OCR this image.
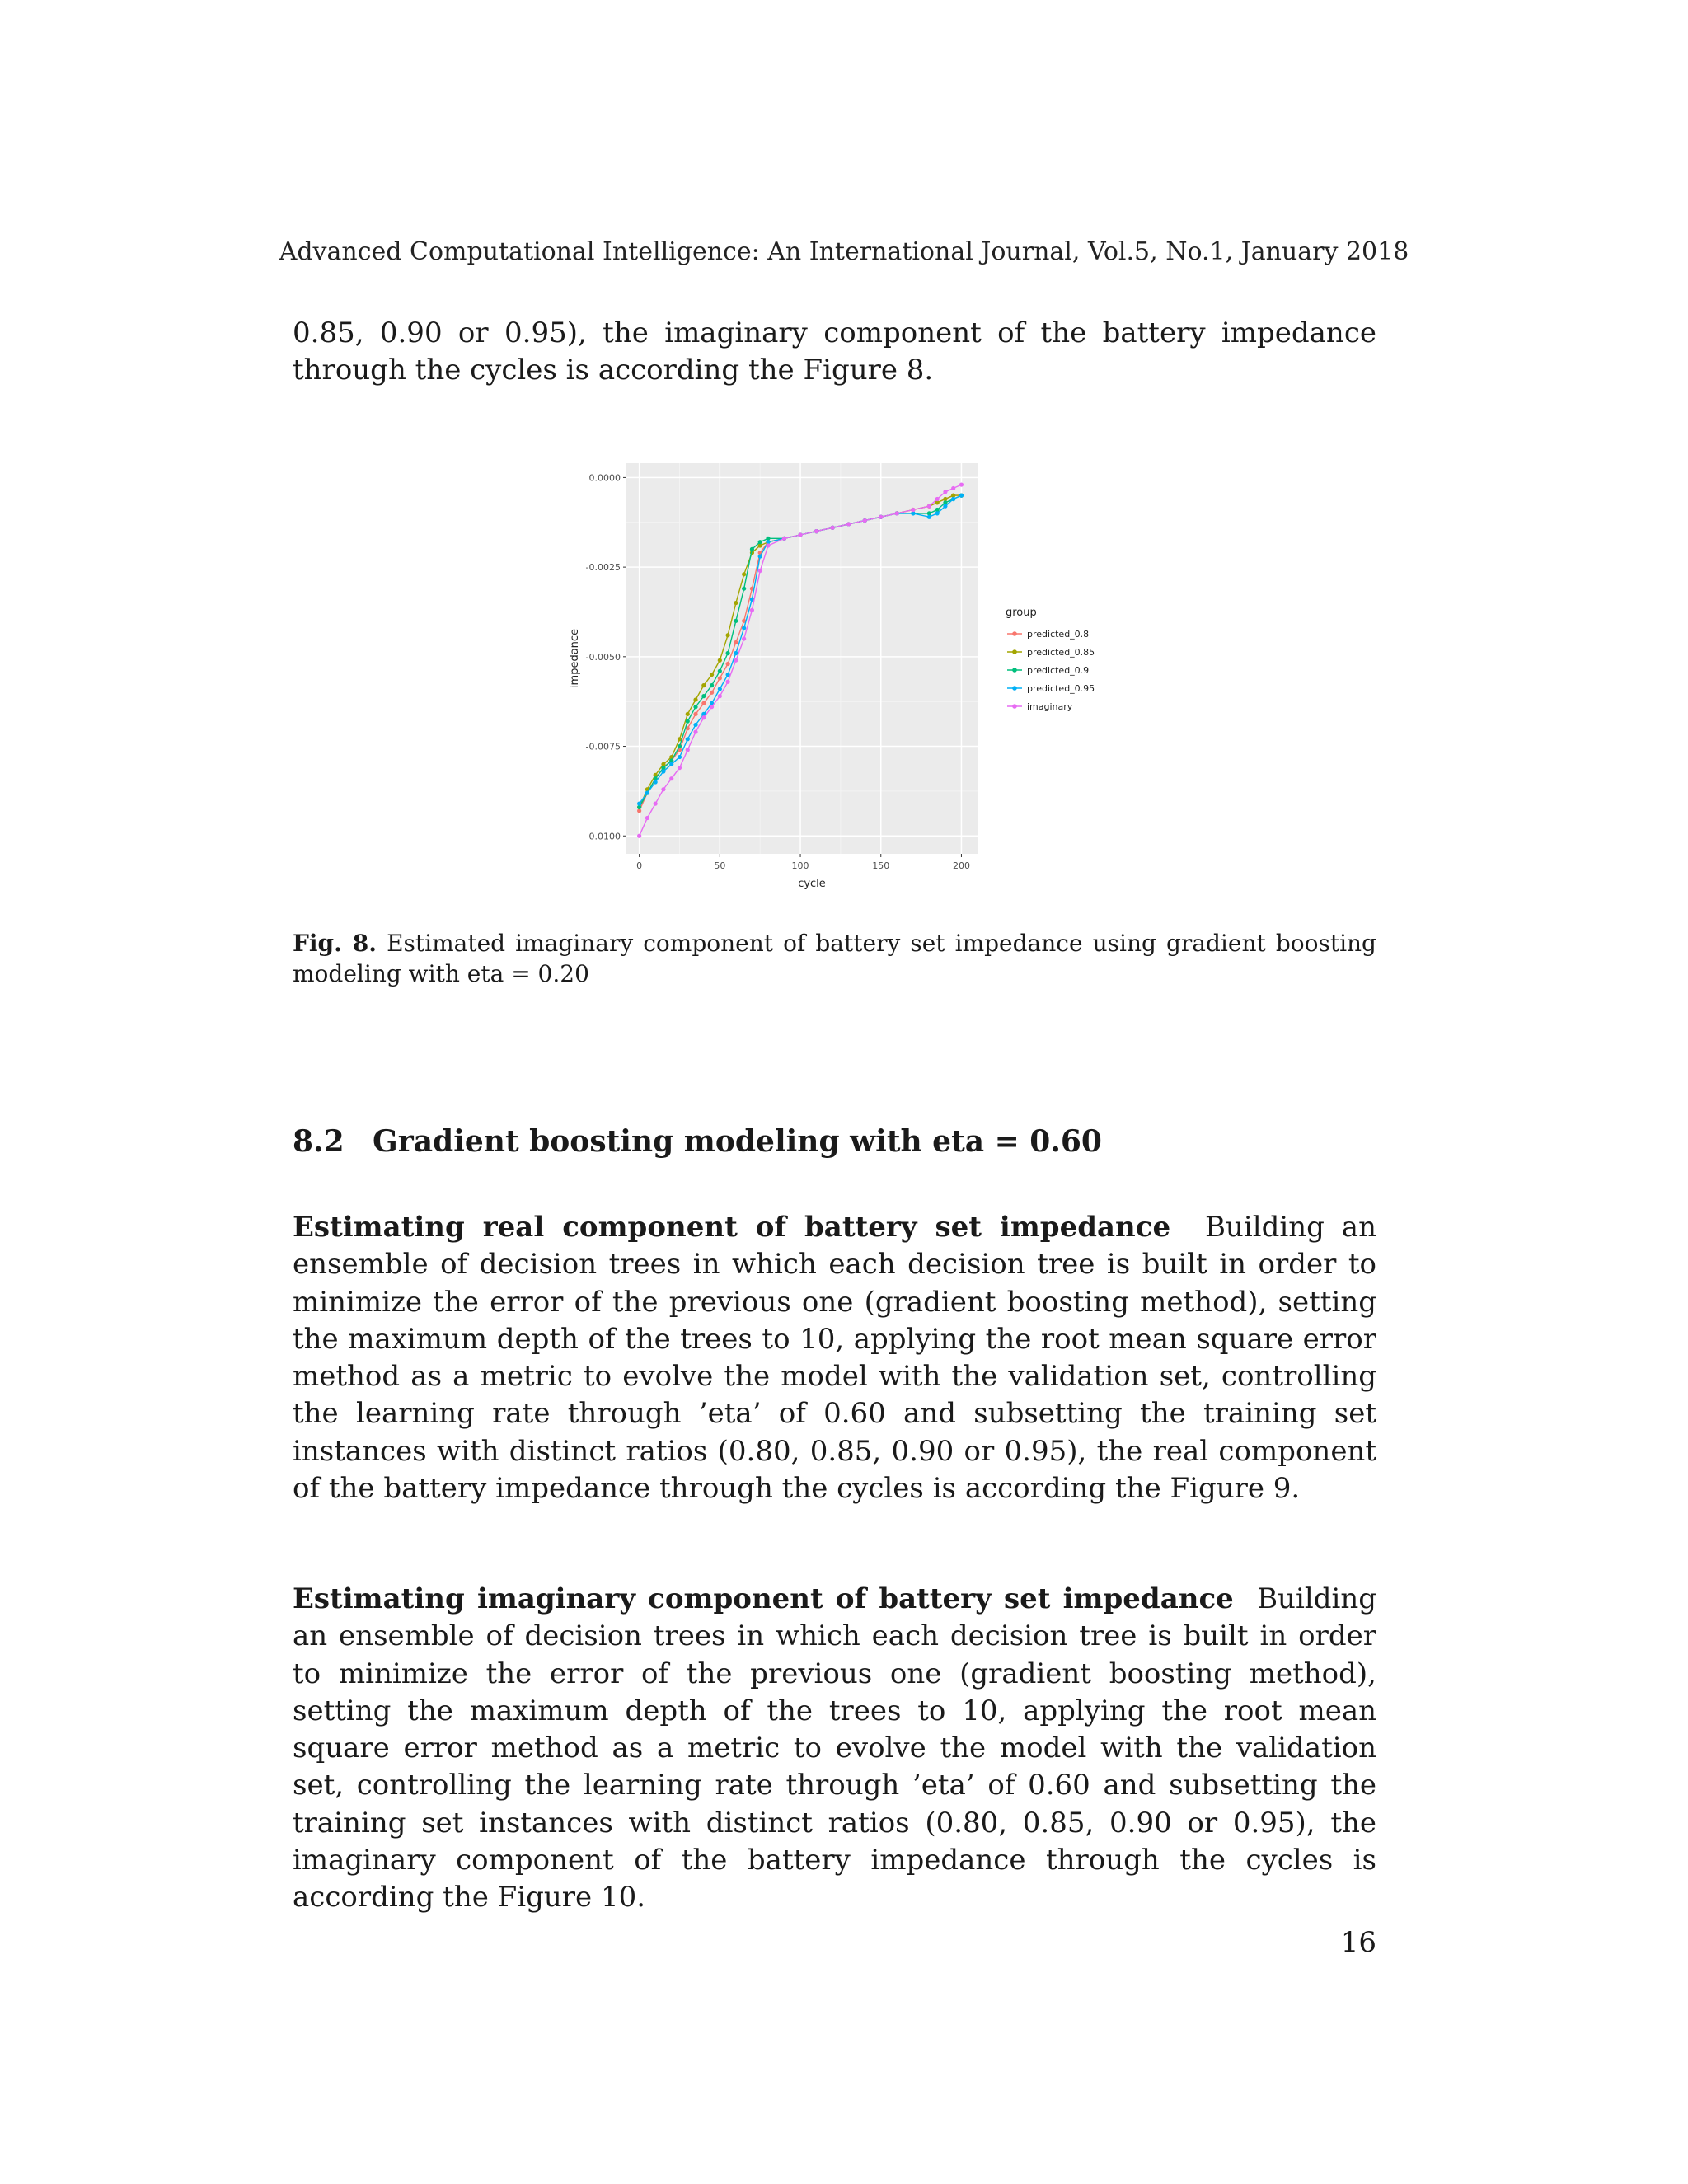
Advanced Computational Intelligence: An International Journal, Vol.5, No.1, January 2018

0.85, 0.90 or 0.95), the imaginary component of the battery impedance through the cycles is according the Figure 8.

0	50	100	150	200
0.0000
-0.0025
-0.0050
-0.0075
-0.0100
cycle
impedance
group
predicted_0.8
predicted_0.85
predicted_0.9
predicted_0.95
imaginary

Fig. 8. Estimated imaginary component of battery set impedance using gradient boosting modeling with eta = 0.20

8.2 Gradient boosting modeling with eta = 0.60

Estimating real component of battery set impedance Building an ensemble of decision trees in which each decision tree is built in order to minimize the error of the previous one (gradient boosting method), setting the maximum depth of the trees to 10, applying the root mean square error method as a metric to evolve the model with the validation set, controlling the learning rate through ’eta’ of 0.60 and subsetting the training set instances with distinct ratios (0.80, 0.85, 0.90 or 0.95), the real component of the battery impedance through the cycles is according the Figure 9.

Estimating imaginary component of battery set impedance Building an ensemble of decision trees in which each decision tree is built in order to minimize the error of the previous one (gradient boosting method), setting the maximum depth of the trees to 10, applying the root mean square error method as a metric to evolve the model with the validation set, controlling the learning rate through ’eta’ of 0.60 and subsetting the training set instances with distinct ratios (0.80, 0.85, 0.90 or 0.95), the imaginary component of the battery impedance through the cycles is according the Figure 10.

16
